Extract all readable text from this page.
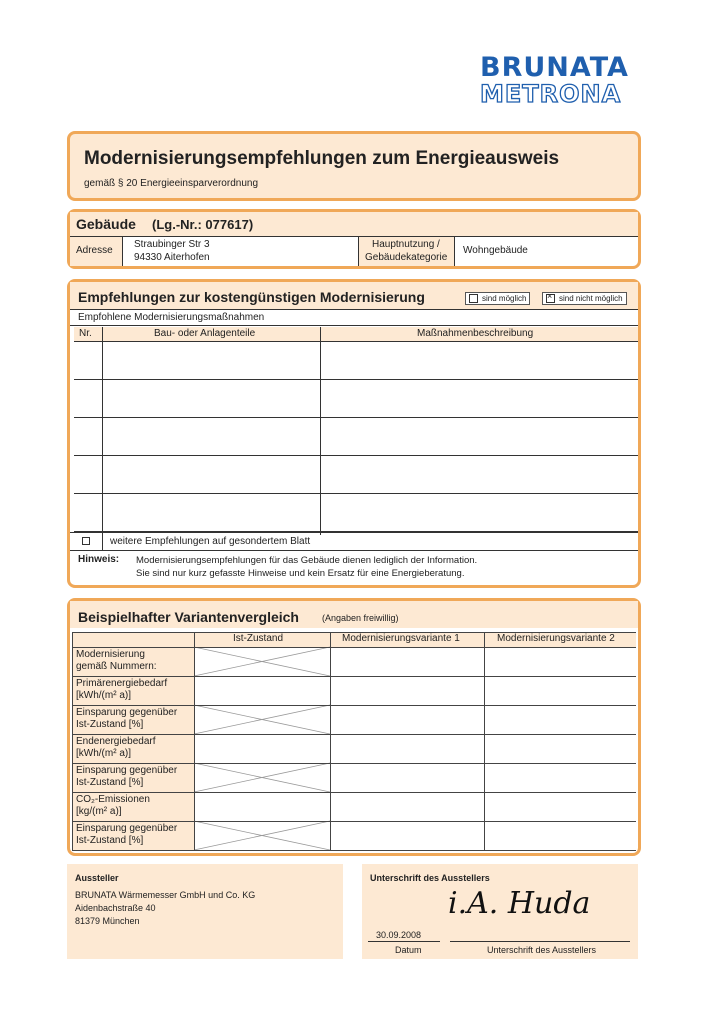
BRUNATA
METRONA
Modernisierungsempfehlungen zum Energieausweis
gemäß § 20 Energieeinsparverordnung
Gebäude (Lg.-Nr.: 077617)
Adresse
Straubinger Str 3
94330 Aiterhofen
Hauptnutzung /
Gebäudekategorie
Wohngebäude
Empfehlungen zur kostengünstigen Modernisierung	sind möglich
×	sind nicht möglich
Empfohlene Modernisierungsmaßnahmen
Nr.	Bau- oder Anlagenteile	Maßnahmenbeschreibung
weitere Empfehlungen auf gesondertem Blatt
Hinweis: Modernisierungsempfehlungen für das Gebäude dienen lediglich der Information.
Sie sind nur kurz gefasste Hinweise und kein Ersatz für eine Energieberatung.
Beispielhafter Variantenvergleich	(Angaben freiwillig)
Ist-Zustand	Modernisierungsvariante 1	Modernisierungsvariante 2
Modernisierung
gemäß Nummern:
Primärenergiebedarf
[kWh/(m² a)]
Einsparung gegenüber
Ist-Zustand [%]
Endenergiebedarf
[kWh/(m² a)]
Einsparung gegenüber
Ist-Zustand [%]
CO₂-Emissionen
[kg/(m² a)]
Einsparung gegenüber
Ist-Zustand [%]
Aussteller
BRUNATA Wärmemesser GmbH und Co. KG
Aidenbachstraße 40
81379 München
Unterschrift des Ausstellers
i.A. Huda
30.09.2008
Datum	Unterschrift des Ausstellers
